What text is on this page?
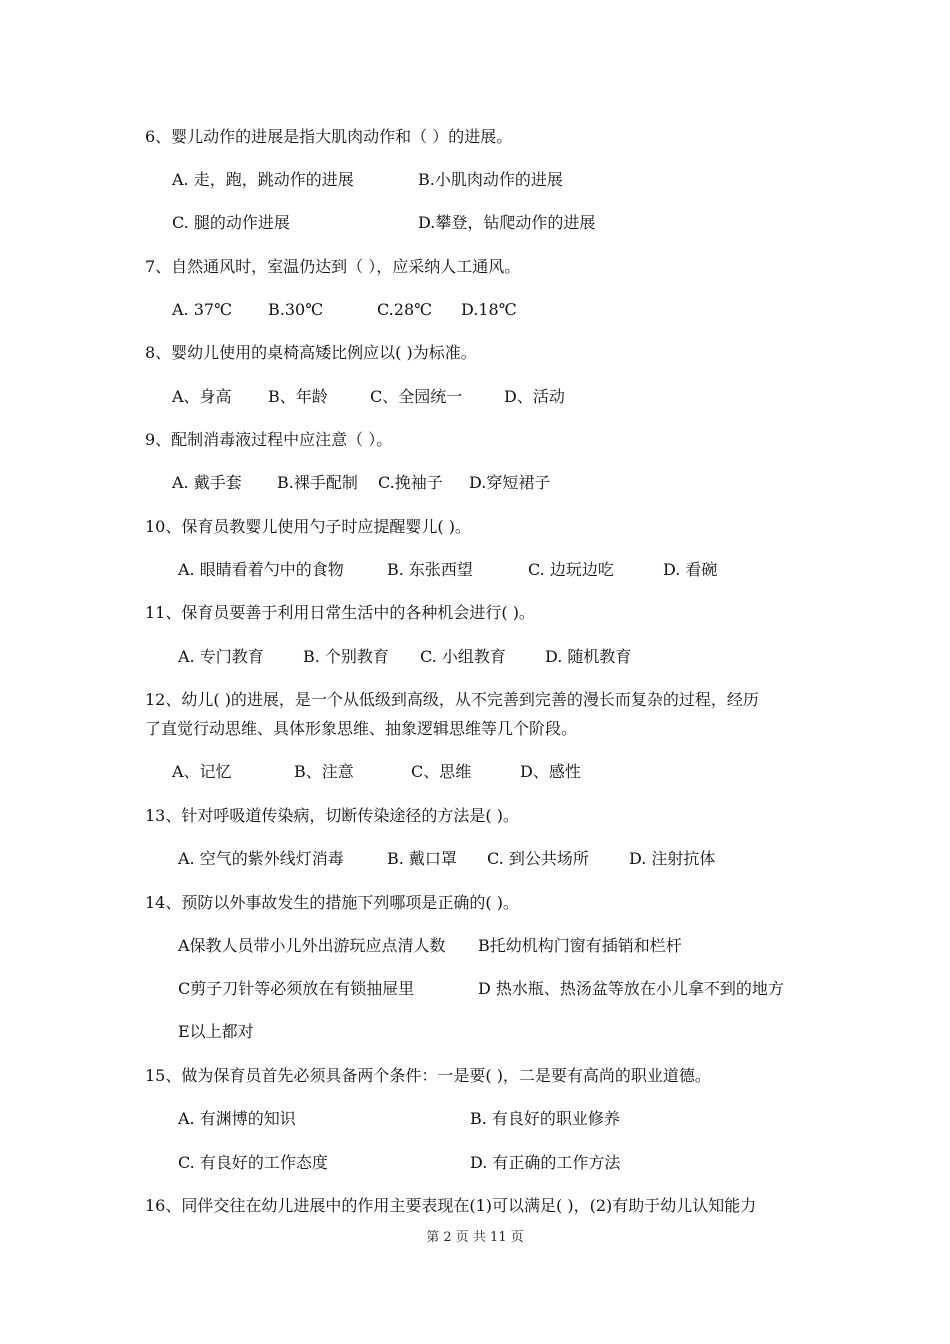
6、婴儿动作的进展是指大肌肉动作和（ ）的进展。
A. 走，跑，跳动作的进展	B.小肌肉动作的进展
C. 腿的动作进展	D.攀登，钻爬动作的进展
7、自然通风时，室温仍达到（ ），应采纳人工通风。
A. 37℃ B.30℃	C.28℃ D.18℃
8、婴幼儿使用的桌椅高矮比例应以( )为标准。
A、身高 B、年龄	C、全园统一	D、活动
9、配制消毒液过程中应注意（ ）。
A. 戴手套 B.裸手配制 C.挽袖子 D.穿短裙子
10、保育员教婴儿使用勺子时应提醒婴儿( )。
A. 眼睛看着勺中的食物	B. 东张西望	C. 边玩边吃	D. 看碗
11、保育员要善于利用日常生活中的各种机会进行( )。
A. 专门教育 B. 个别教育 C. 小组教育 D. 随机教育
12、幼儿( )的进展，是一个从低级到高级，从不完善到完善的漫长而复杂的过程，经历
了直觉行动思维、具体形象思维、抽象逻辑思维等几个阶段。
A、记忆	B、注意	C、思维	D、感性
13、针对呼吸道传染病，切断传染途径的方法是( )。
A. 空气的紫外线灯消毒	B. 戴口罩 C. 到公共场所	D. 注射抗体
14、预防以外事故发生的措施下列哪项是正确的( )。
A保教人员带小儿外出游玩应点清人数 B托幼机构门窗有插销和栏杆
C剪子刀针等必须放在有锁抽屉里	D 热水瓶、热汤盆等放在小儿拿不到的地方
E以上都对
15、做为保育员首先必须具备两个条件：一是要( )，二是要有高尚的职业道德。
A. 有渊博的知识	B. 有良好的职业修养
C. 有良好的工作态度	D. 有正确的工作方法
16、同伴交往在幼儿进展中的作用主要表现在(1)可以满足( )，(2)有助于幼儿认知能力
第 2 页 共 11 页
